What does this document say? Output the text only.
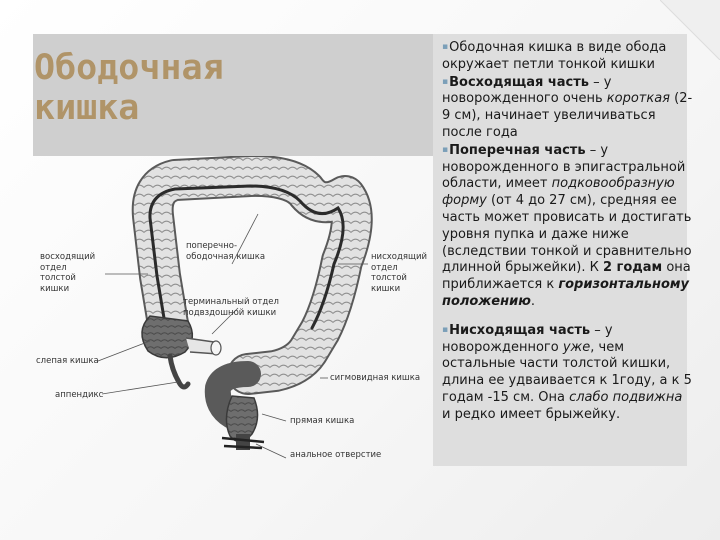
Ободочная
кишка

▪Ободочная кишка в виде обода окружает петли тонкой кишки

▪Восходящая часть – у новорожденного очень короткая (2-9 см), начинает увеличиваться после года

▪Поперечная часть – у новорожденного в эпигастральной области, имеет подковообразную форму (от 4 до 27 см), средняя ее часть может провисать и достигать уровня пупка и даже ниже (вследствии тонкой и сравнительно длинной брыжейки). К 2 годам она приближается к горизонтальному положению.

▪Нисходящая часть – у новорожденного уже, чем остальные части толстой кишки, длина ее удваивается к 1году, а к 5 годам -15 см. Она слабо подвижна и редко имеет брыжейку.

восходящий
отдел
толстой
кишки
поперечно-
ободочная кишка	нисходящий
отдел
толстой
кишки
терминальный отдел
подвздошной кишки
слепая кишка
аппендикс
сигмовидная кишка
прямая кишка
анальное отверстие
